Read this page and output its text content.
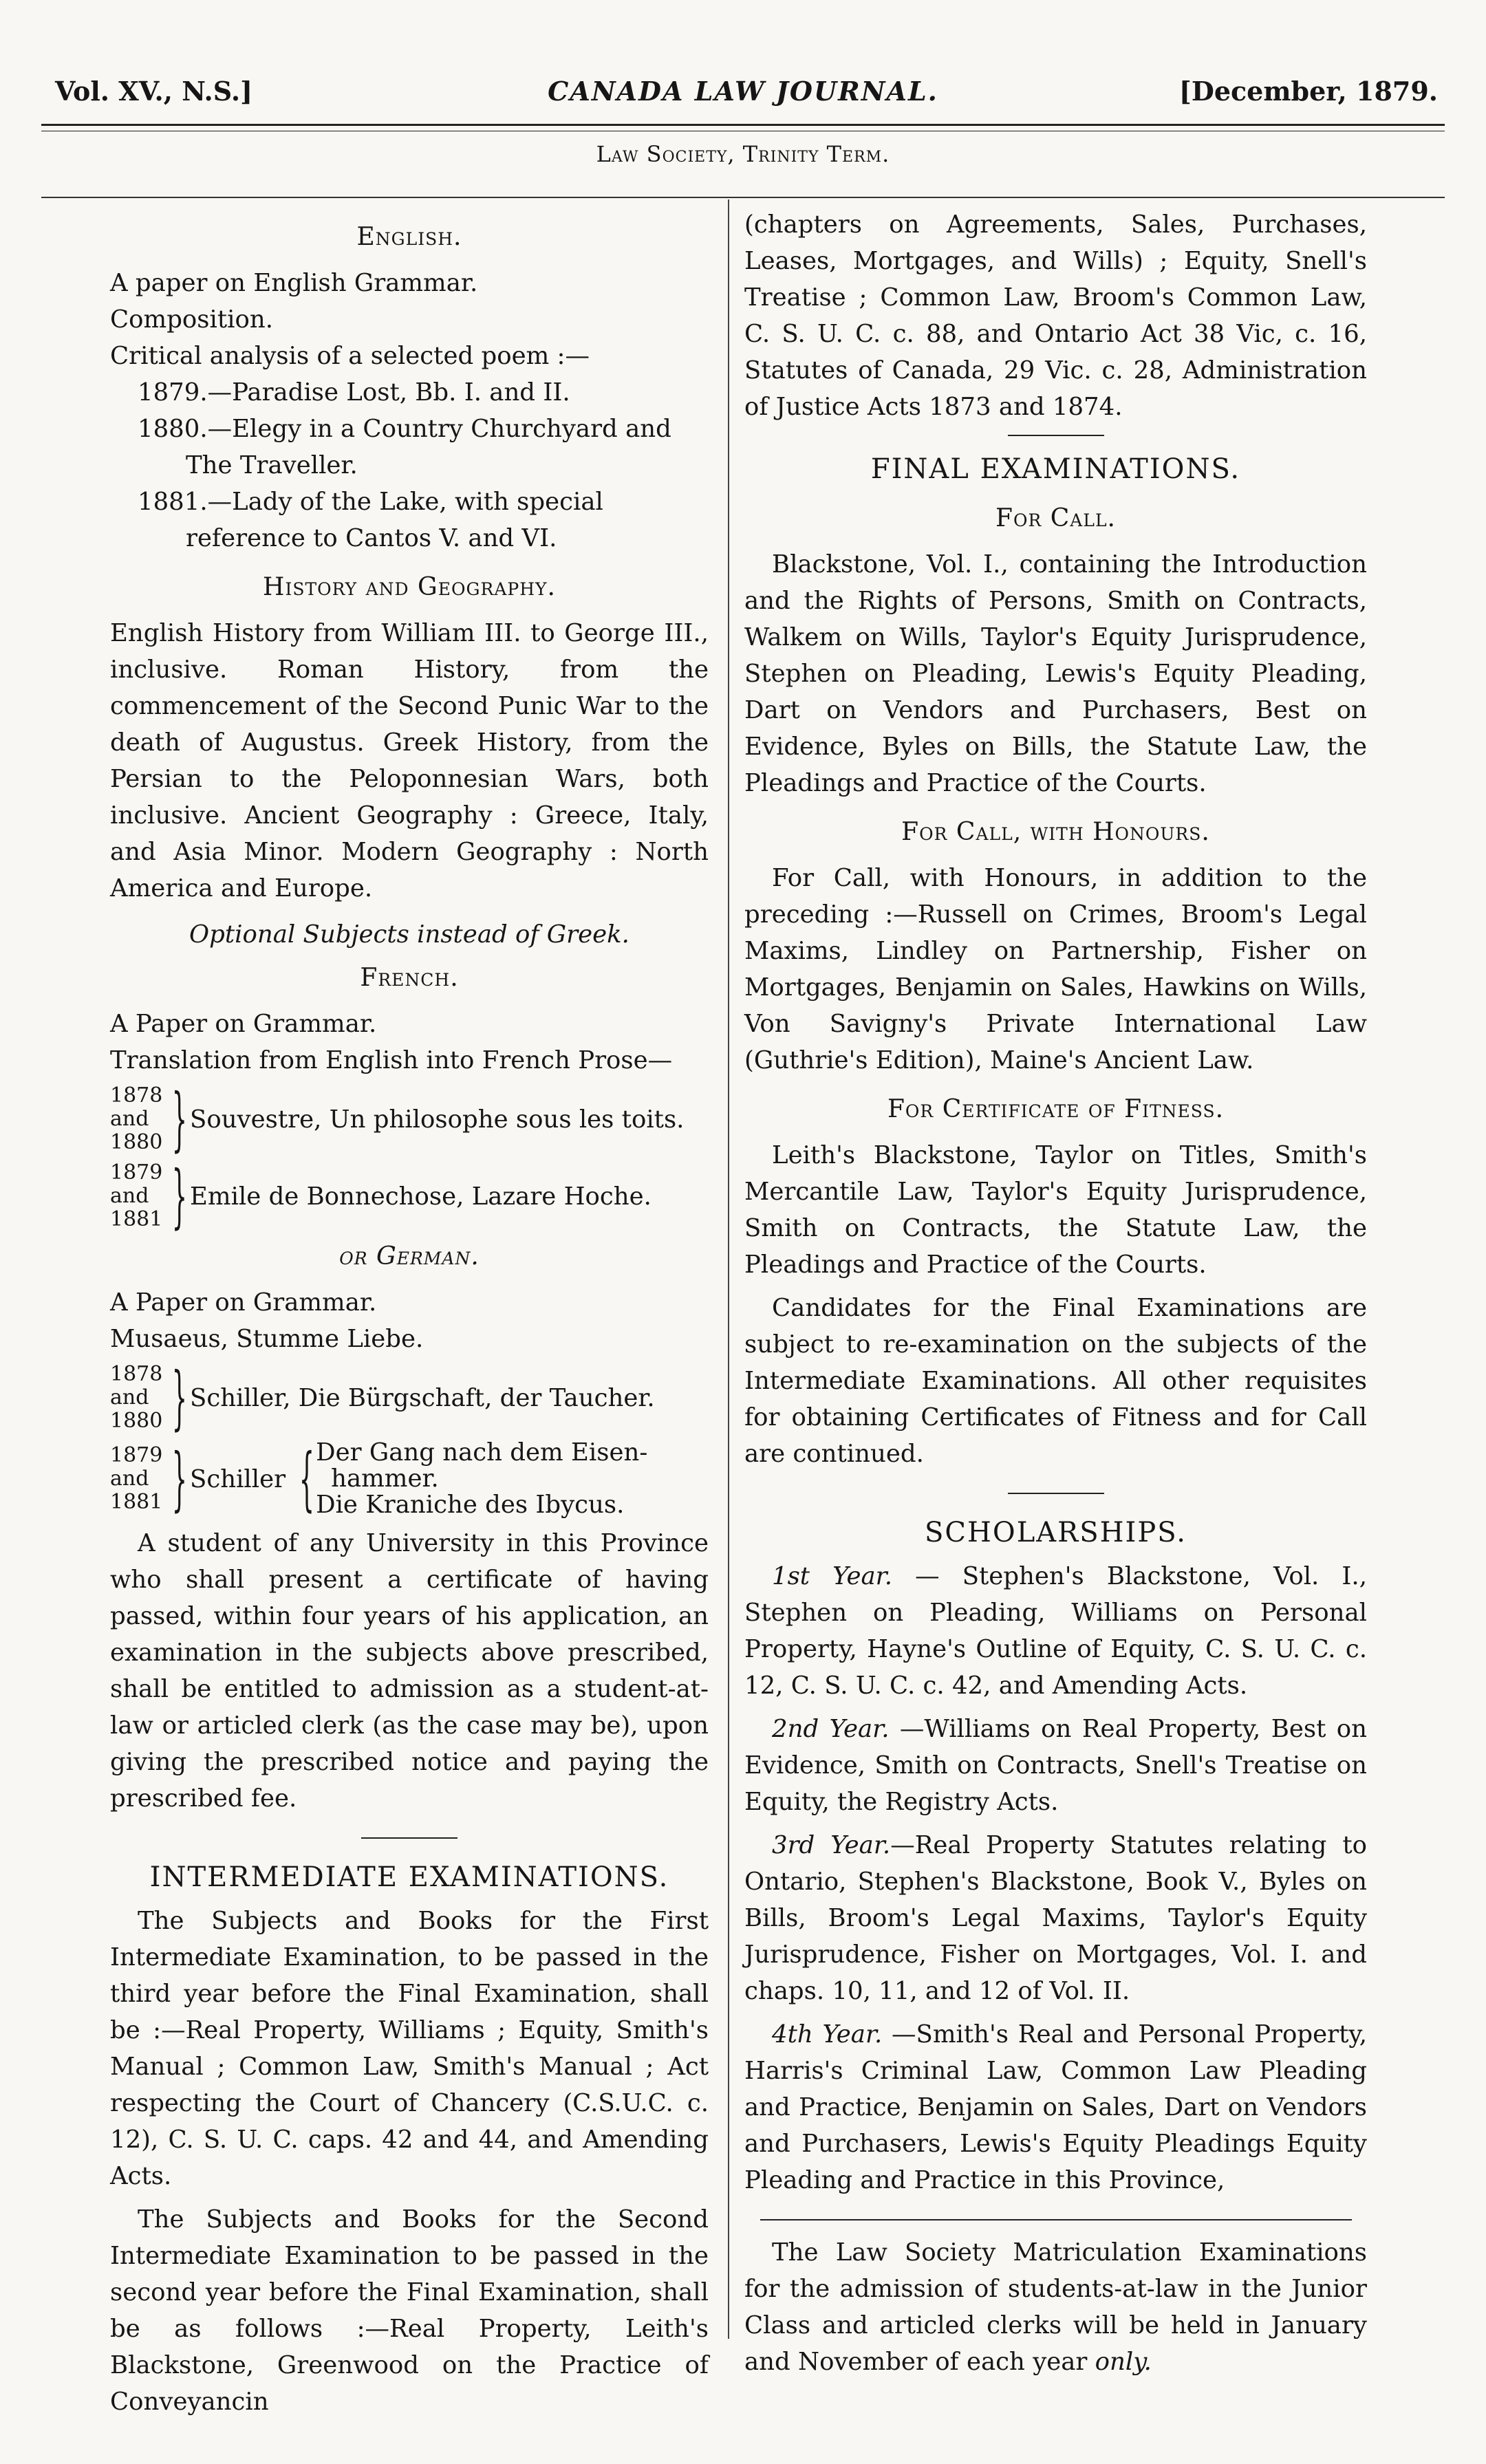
Vol. XV., N.S.]	CANADA LAW JOURNAL.	[December, 1879.
Law Society, Trinity Term.
English.

A paper on English Grammar.

Composition.

Critical analysis of a selected poem :—

1879.—Paradise Lost, Bb. I. and II.

1880.—Elegy in a Country Churchyard and The Traveller.

1881.—Lady of the Lake, with special reference to Cantos V. and VI.

History and Geography.

English History from William III. to George III., inclusive. Roman History, from the commencement of the Second Punic War to the death of Augustus. Greek History, from the Persian to the Peloponnesian Wars, both inclusive. Ancient Geography : Greece, Italy, and Asia Minor. Modern Geography : North America and Europe.

Optional Subjects instead of Greek.
French.

A Paper on Grammar.

Translation from English into French Prose—

1878
and
1880 } Souvestre, Un philosophe sous les toits.
1879
and
1881 } Emile de Bonnechose, Lazare Hoche.
or German.

A Paper on Grammar.

Musaeus, Stumme Liebe.

1878
and
1880 } Schiller, Die Bürgschaft, der Taucher.
1879
and
1881 } Schiller { Der Gang nach dem Eisen-
hammer.
Die Kraniche des Ibycus.

A student of any University in this Province who shall present a certificate of having passed, within four years of his application, an examination in the subjects above prescribed, shall be entitled to admission as a student-at-law or articled clerk (as the case may be), upon giving the prescribed notice and paying the prescribed fee.

INTERMEDIATE EXAMINATIONS.

The Subjects and Books for the First Intermediate Examination, to be passed in the third year before the Final Examination, shall be :—Real Property, Williams ; Equity, Smith's Manual ; Common Law, Smith's Manual ; Act respecting the Court of Chancery (C.S.U.C. c. 12), C. S. U. C. caps. 42 and 44, and Amending Acts.

The Subjects and Books for the Second Intermediate Examination to be passed in the second year before the Final Examination, shall be as follows :—Real Property, Leith's Blackstone, Greenwood on the Practice of Conveyancin

(chapters on Agreements, Sales, Purchases, Leases, Mortgages, and Wills) ; Equity, Snell's Treatise ; Common Law, Broom's Common Law, C. S. U. C. c. 88, and Ontario Act 38 Vic, c. 16, Statutes of Canada, 29 Vic. c. 28, Administration of Justice Acts 1873 and 1874.

FINAL EXAMINATIONS.
For Call.

Blackstone, Vol. I., containing the Introduction and the Rights of Persons, Smith on Contracts, Walkem on Wills, Taylor's Equity Jurisprudence, Stephen on Pleading, Lewis's Equity Pleading, Dart on Vendors and Purchasers, Best on Evidence, Byles on Bills, the Statute Law, the Pleadings and Practice of the Courts.

For Call, with Honours.

For Call, with Honours, in addition to the preceding :—Russell on Crimes, Broom's Legal Maxims, Lindley on Partnership, Fisher on Mortgages, Benjamin on Sales, Hawkins on Wills, Von Savigny's Private International Law (Guthrie's Edition), Maine's Ancient Law.

For Certificate of Fitness.

Leith's Blackstone, Taylor on Titles, Smith's Mercantile Law, Taylor's Equity Jurisprudence, Smith on Contracts, the Statute Law, the Pleadings and Practice of the Courts.

Candidates for the Final Examinations are subject to re-examination on the subjects of the Intermediate Examinations. All other requisites for obtaining Certificates of Fitness and for Call are continued.

SCHOLARSHIPS.

1st Year. — Stephen's Blackstone, Vol. I., Stephen on Pleading, Williams on Personal Property, Hayne's Outline of Equity, C. S. U. C. c. 12, C. S. U. C. c. 42, and Amending Acts.

2nd Year. —Williams on Real Property, Best on Evidence, Smith on Contracts, Snell's Treatise on Equity, the Registry Acts.

3rd Year.—Real Property Statutes relating to Ontario, Stephen's Blackstone, Book V., Byles on Bills, Broom's Legal Maxims, Taylor's Equity Jurisprudence, Fisher on Mortgages, Vol. I. and chaps. 10, 11, and 12 of Vol. II.

4th Year. —Smith's Real and Personal Property, Harris's Criminal Law, Common Law Pleading and Practice, Benjamin on Sales, Dart on Vendors and Purchasers, Lewis's Equity Pleadings Equity Pleading and Practice in this Province,

The Law Society Matriculation Examinations for the admission of students-at-law in the Junior Class and articled clerks will be held in January and November of each year only.
